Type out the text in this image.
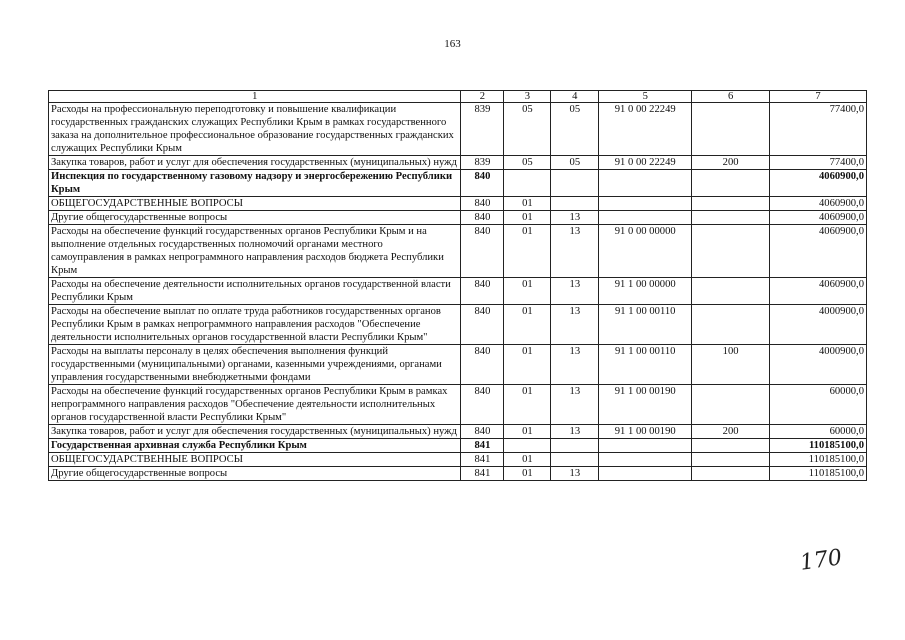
163
1	2	3	4	5	6	7
Расходы на профессиональную переподготовку и повышение квалификации государственных гражданских служащих Республики Крым в рамках государственного заказа на дополнительное профессиональное образование государственных гражданских служащих Республики Крым	839	05	05	91 0 00 22249		77400,0
Закупка товаров, работ и услуг для обеспечения государственных (муниципальных) нужд	839	05	05	91 0 00 22249	200	77400,0
Инспекция по государственному газовому надзору и энергосбережению Республики Крым	840					4060900,0
ОБЩЕГОСУДАРСТВЕННЫЕ ВОПРОСЫ	840	01				4060900,0
Другие общегосударственные вопросы	840	01	13			4060900,0
Расходы на обеспечение функций государственных органов Республики Крым и на выполнение отдельных государственных полномочий органами местного самоуправления в рамках непрограммного направления расходов бюджета Республики Крым	840	01	13	91 0 00 00000		4060900,0
Расходы на обеспечение деятельности исполнительных органов государственной власти Республики Крым	840	01	13	91 1 00 00000		4060900,0
Расходы на обеспечение выплат по оплате труда работников государственных органов Республики Крым в рамках непрограммного направления расходов "Обеспечение деятельности исполнительных органов государственной власти Республики Крым"	840	01	13	91 1 00 00110		4000900,0
Расходы на выплаты персоналу в целях обеспечения выполнения функций государственными (муниципальными) органами, казенными учреждениями, органами управления государственными внебюджетными фондами	840	01	13	91 1 00 00110	100	4000900,0
Расходы на обеспечение функций государственных органов Республики Крым в рамках непрограммного направления расходов "Обеспечение деятельности исполнительных органов государственной власти Республики Крым"	840	01	13	91 1 00 00190		60000,0
Закупка товаров, работ и услуг для обеспечения государственных (муниципальных) нужд	840	01	13	91 1 00 00190	200	60000,0
Государственная архивная служба Республики Крым	841					110185100,0
ОБЩЕГОСУДАРСТВЕННЫЕ ВОПРОСЫ	841	01				110185100,0
Другие общегосударственные вопросы	841	01	13			110185100,0
170
